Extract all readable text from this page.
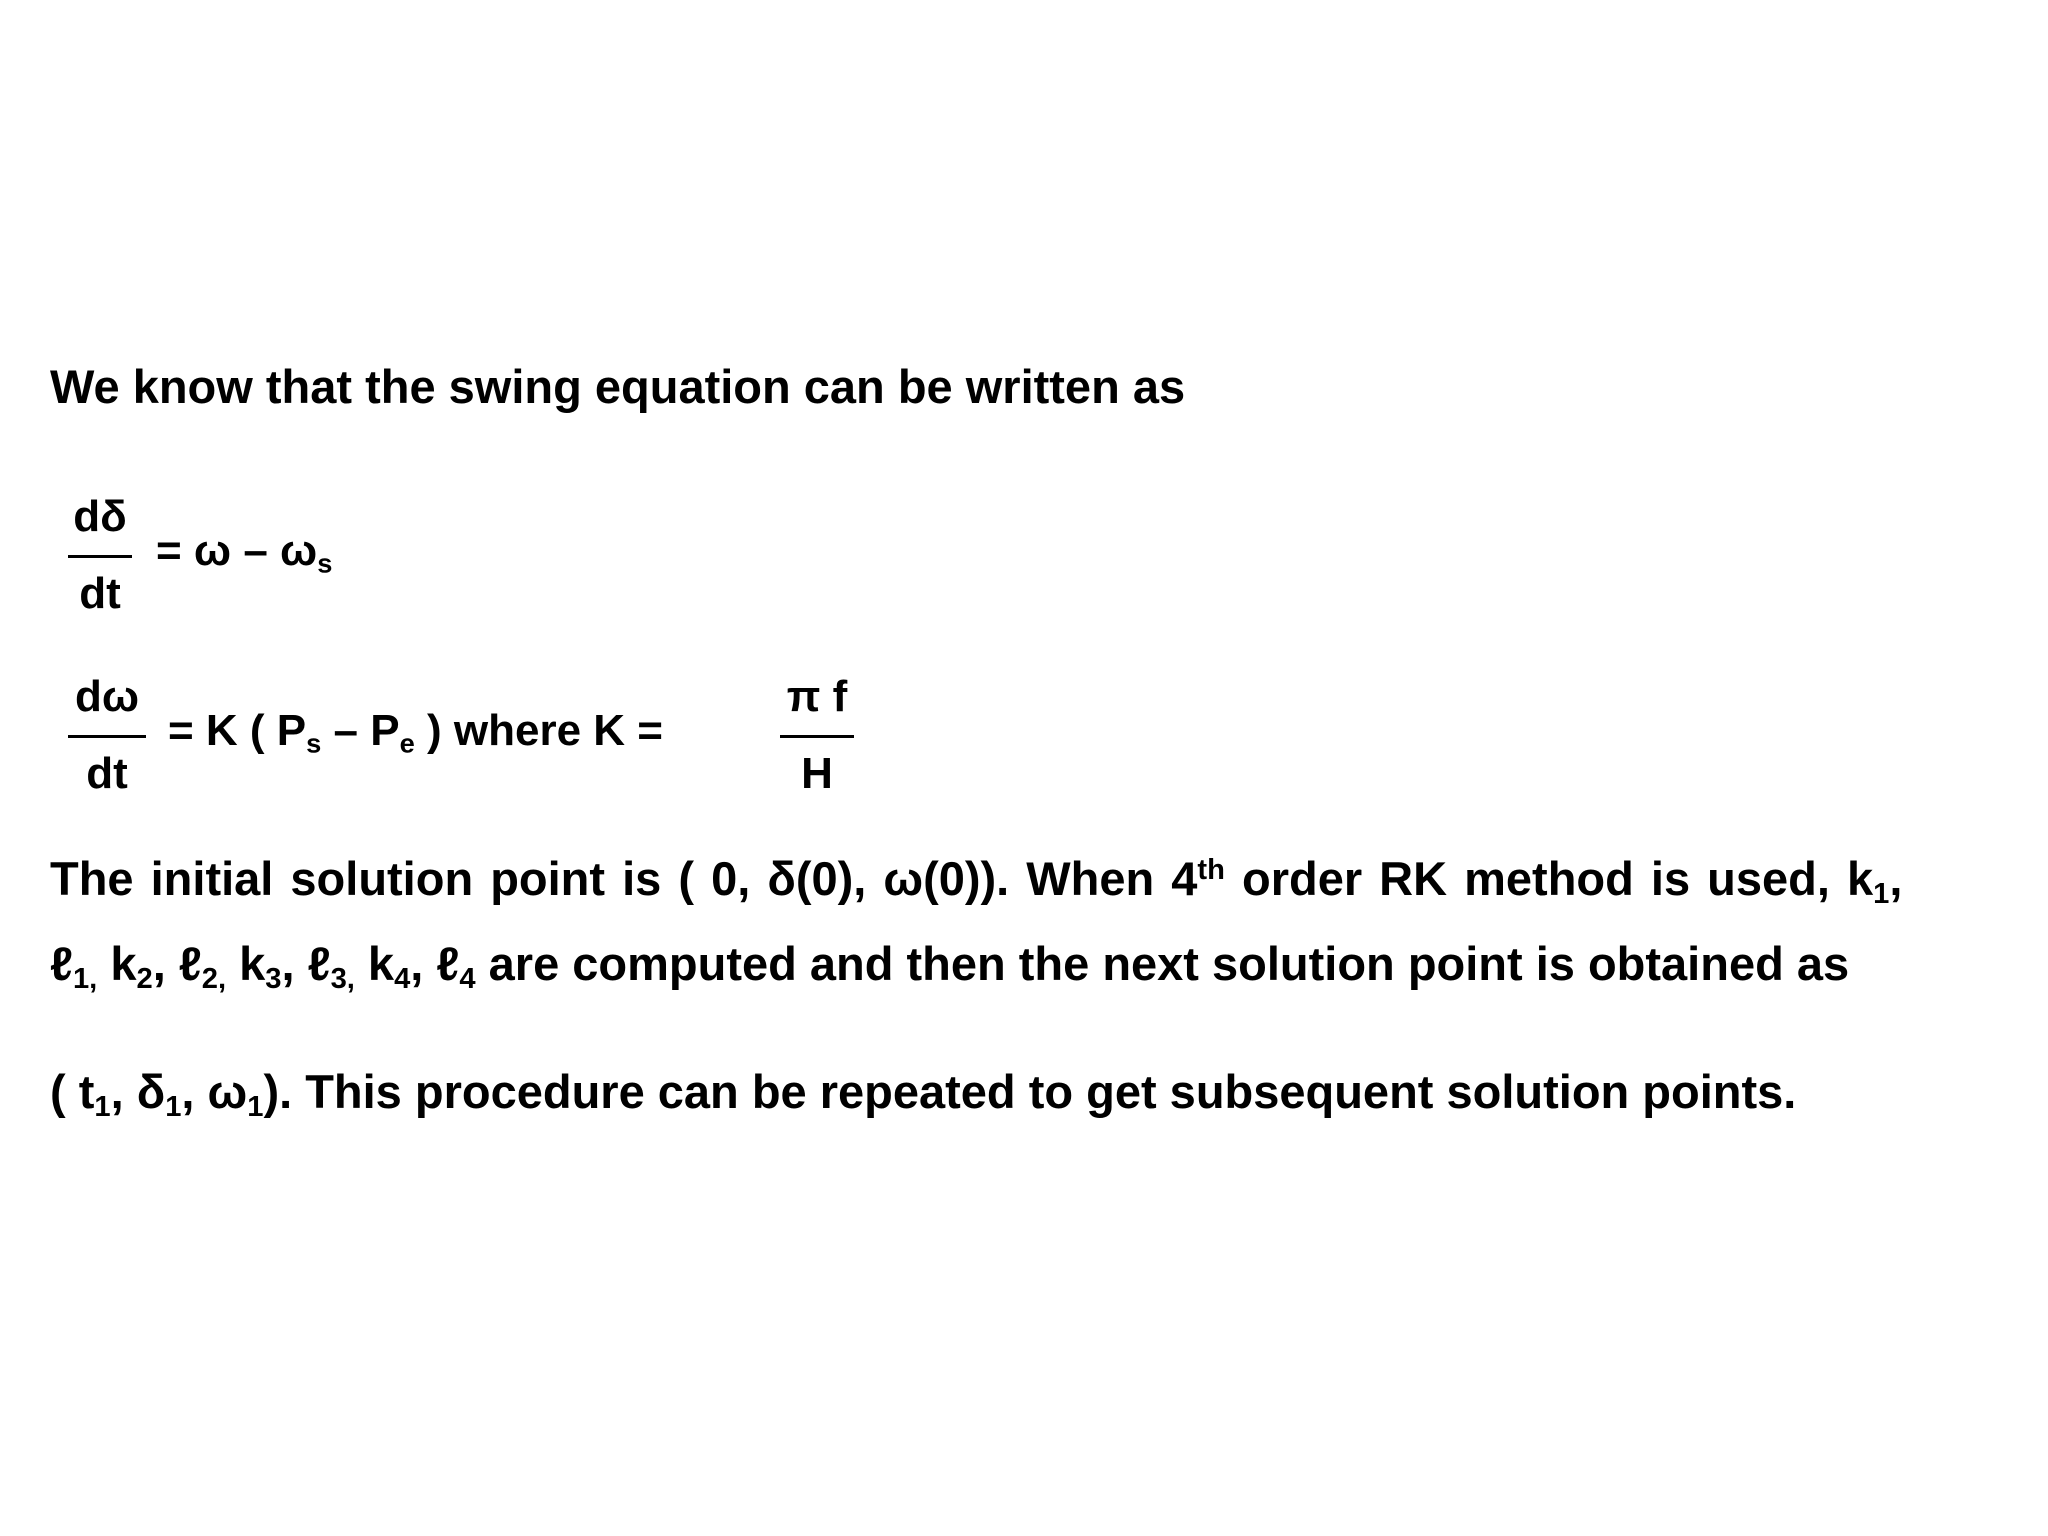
We know that the swing equation can be written as
dδ
dt
= ω – $\omega_s$
dω
dt
= K ( $P_s - P_e$ ) where K =
π f
H
The initial solution point is ( 0, δ(0), ω(0)). When 4th order RK method is used, $k_1$,
ℓ$_{1,}$ $k_2$, ℓ$_{2,}$ $k_3$, ℓ$_{3,}$ $k_4$, ℓ$_4$ are computed and then the next solution point is obtained as
( $t_1$, $\delta_1$, $\omega_1$). This procedure can be repeated to get subsequent solution points.
